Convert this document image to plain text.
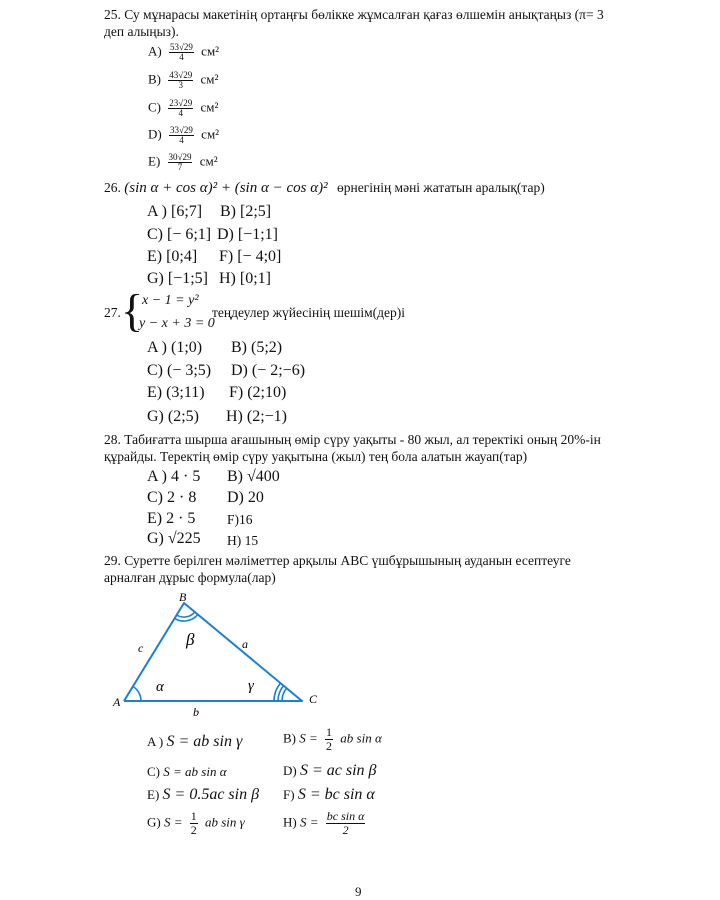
25. Су мұнарасы макетінің ортаңғы бөлікке жұмсалған қағаз өлшемін анықтаңыз (π= 3 деп алыңыз).
$A) \frac{53√29}{4} см^2$
$B) \frac{43√29}{3} см^2$
$C) \frac{23√29}{4} см^2$
$D) \frac{33√29}{4} см^2$
$E) \frac{30√29}{7} см^2$
26. (sin α + cos α)² + (sin α − cos α)² өрнегінің мәні жататын аралық(тар)
A ) [6;7] B) [2;5]
C) [− 6;1] D) [−1;1]
E) [0;4] F) [− 4;0]
G) [−1;5] H) [0;1]
27. {
x − 1 = y²
y − x + 3 = 0
теңдеулер жүйесінің шешім(дер)і
A ) (1;0) B) (5;2)
C) (− 3;5) D) (− 2;−6)
E) (3;11) F) (2;10)
G) (2;5) H) (2;−1)
28. Табиғатта шырша ағашының өмір сүру уақыты - 80 жыл, ал теректікі оның 20%-ін құрайды. Теректің өмір сүру уақытына (жыл) тең бола алатын жауап(тар)
A ) 4 · 5 B) √400
C) 2 · 8 D) 20
E) 2 · 5 F)16
G) √225 H) 15
29. Суретте берілген мәліметтер арқылы ABC үшбұрышының ауданын есептеуге арналған дұрыс формула(лар)
B
A	C
c	a
b
α
β
γ
A ) S = ab sin γ	B) $S = \frac{1}{2}$ ab sin α
C) S = ab sin α	D) S = ac sin β
E) S = 0.5ac sin β F) S = bc sin α
G) $S = \frac{1}{2}$ ab sin γ	H) $S = \frac{\text{bc sin α}}{2}$
9
